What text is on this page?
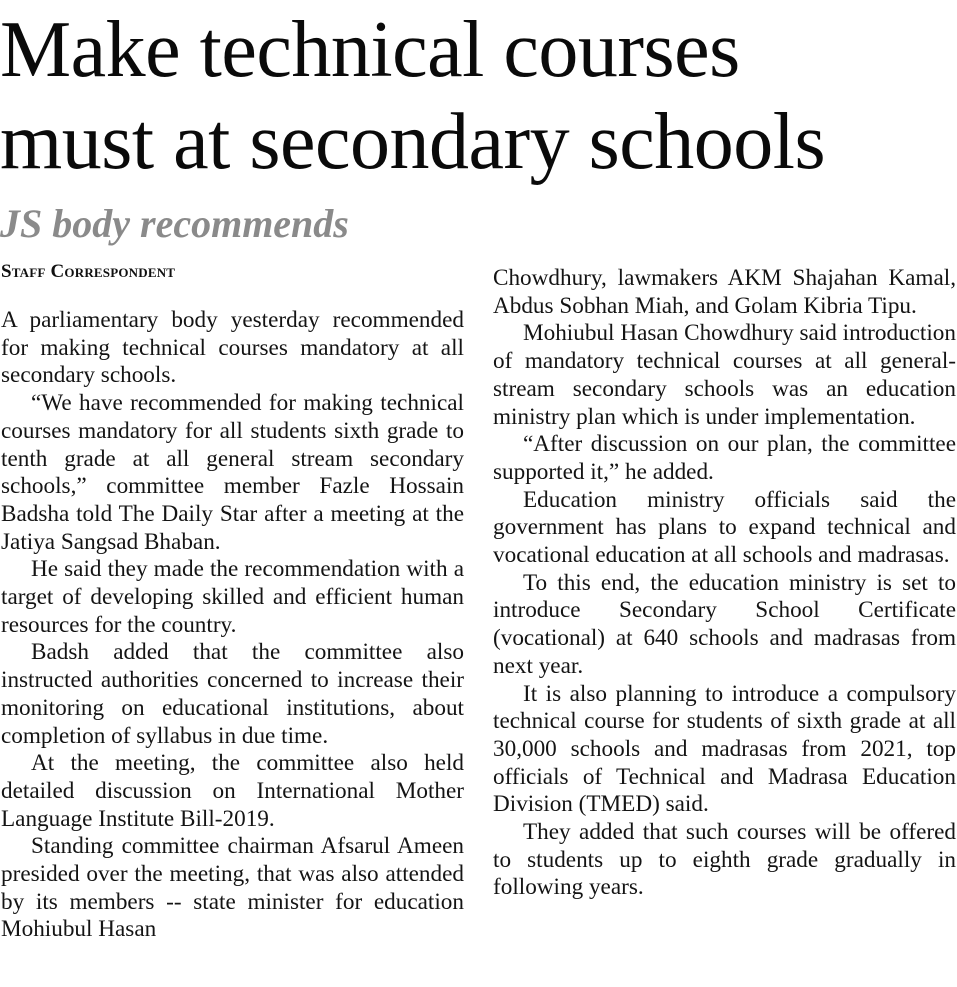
Make technical courses
must at secondary schools
JS body recommends
Staff Correspondent

A parliamentary body yesterday recommended for making technical courses mandatory at all secondary schools.

“We have recommended for making technical courses mandatory for all students sixth grade to tenth grade at all general stream secondary schools,” committee member Fazle Hossain Badsha told The Daily Star after a meeting at the Jatiya Sangsad Bhaban.

He said they made the recommendation with a target of developing skilled and efficient human resources for the country.

Badsh added that the committee also instructed authorities concerned to increase their monitoring on educational institutions, about completion of syllabus in due time.

At the meeting, the committee also held detailed discussion on International Mother Language Institute Bill-2019.

Standing committee chairman Afsarul Ameen presided over the meeting, that was also attended by its members -- state minister for education Mohiubul Hasan

Chowdhury, lawmakers AKM Shajahan Kamal, Abdus Sobhan Miah, and Golam Kibria Tipu.

Mohiubul Hasan Chowdhury said introduction of mandatory technical courses at all general-stream secondary schools was an education ministry plan which is under implementation.

“After discussion on our plan, the committee supported it,” he added.

Education ministry officials said the government has plans to expand technical and vocational education at all schools and madrasas.

To this end, the education ministry is set to introduce Secondary School Certificate (vocational) at 640 schools and madrasas from next year.

It is also planning to introduce a compulsory technical course for students of sixth grade at all 30,000 schools and madrasas from 2021, top officials of Technical and Madrasa Education Division (TMED) said.

They added that such courses will be offered to students up to eighth grade gradually in following years.
